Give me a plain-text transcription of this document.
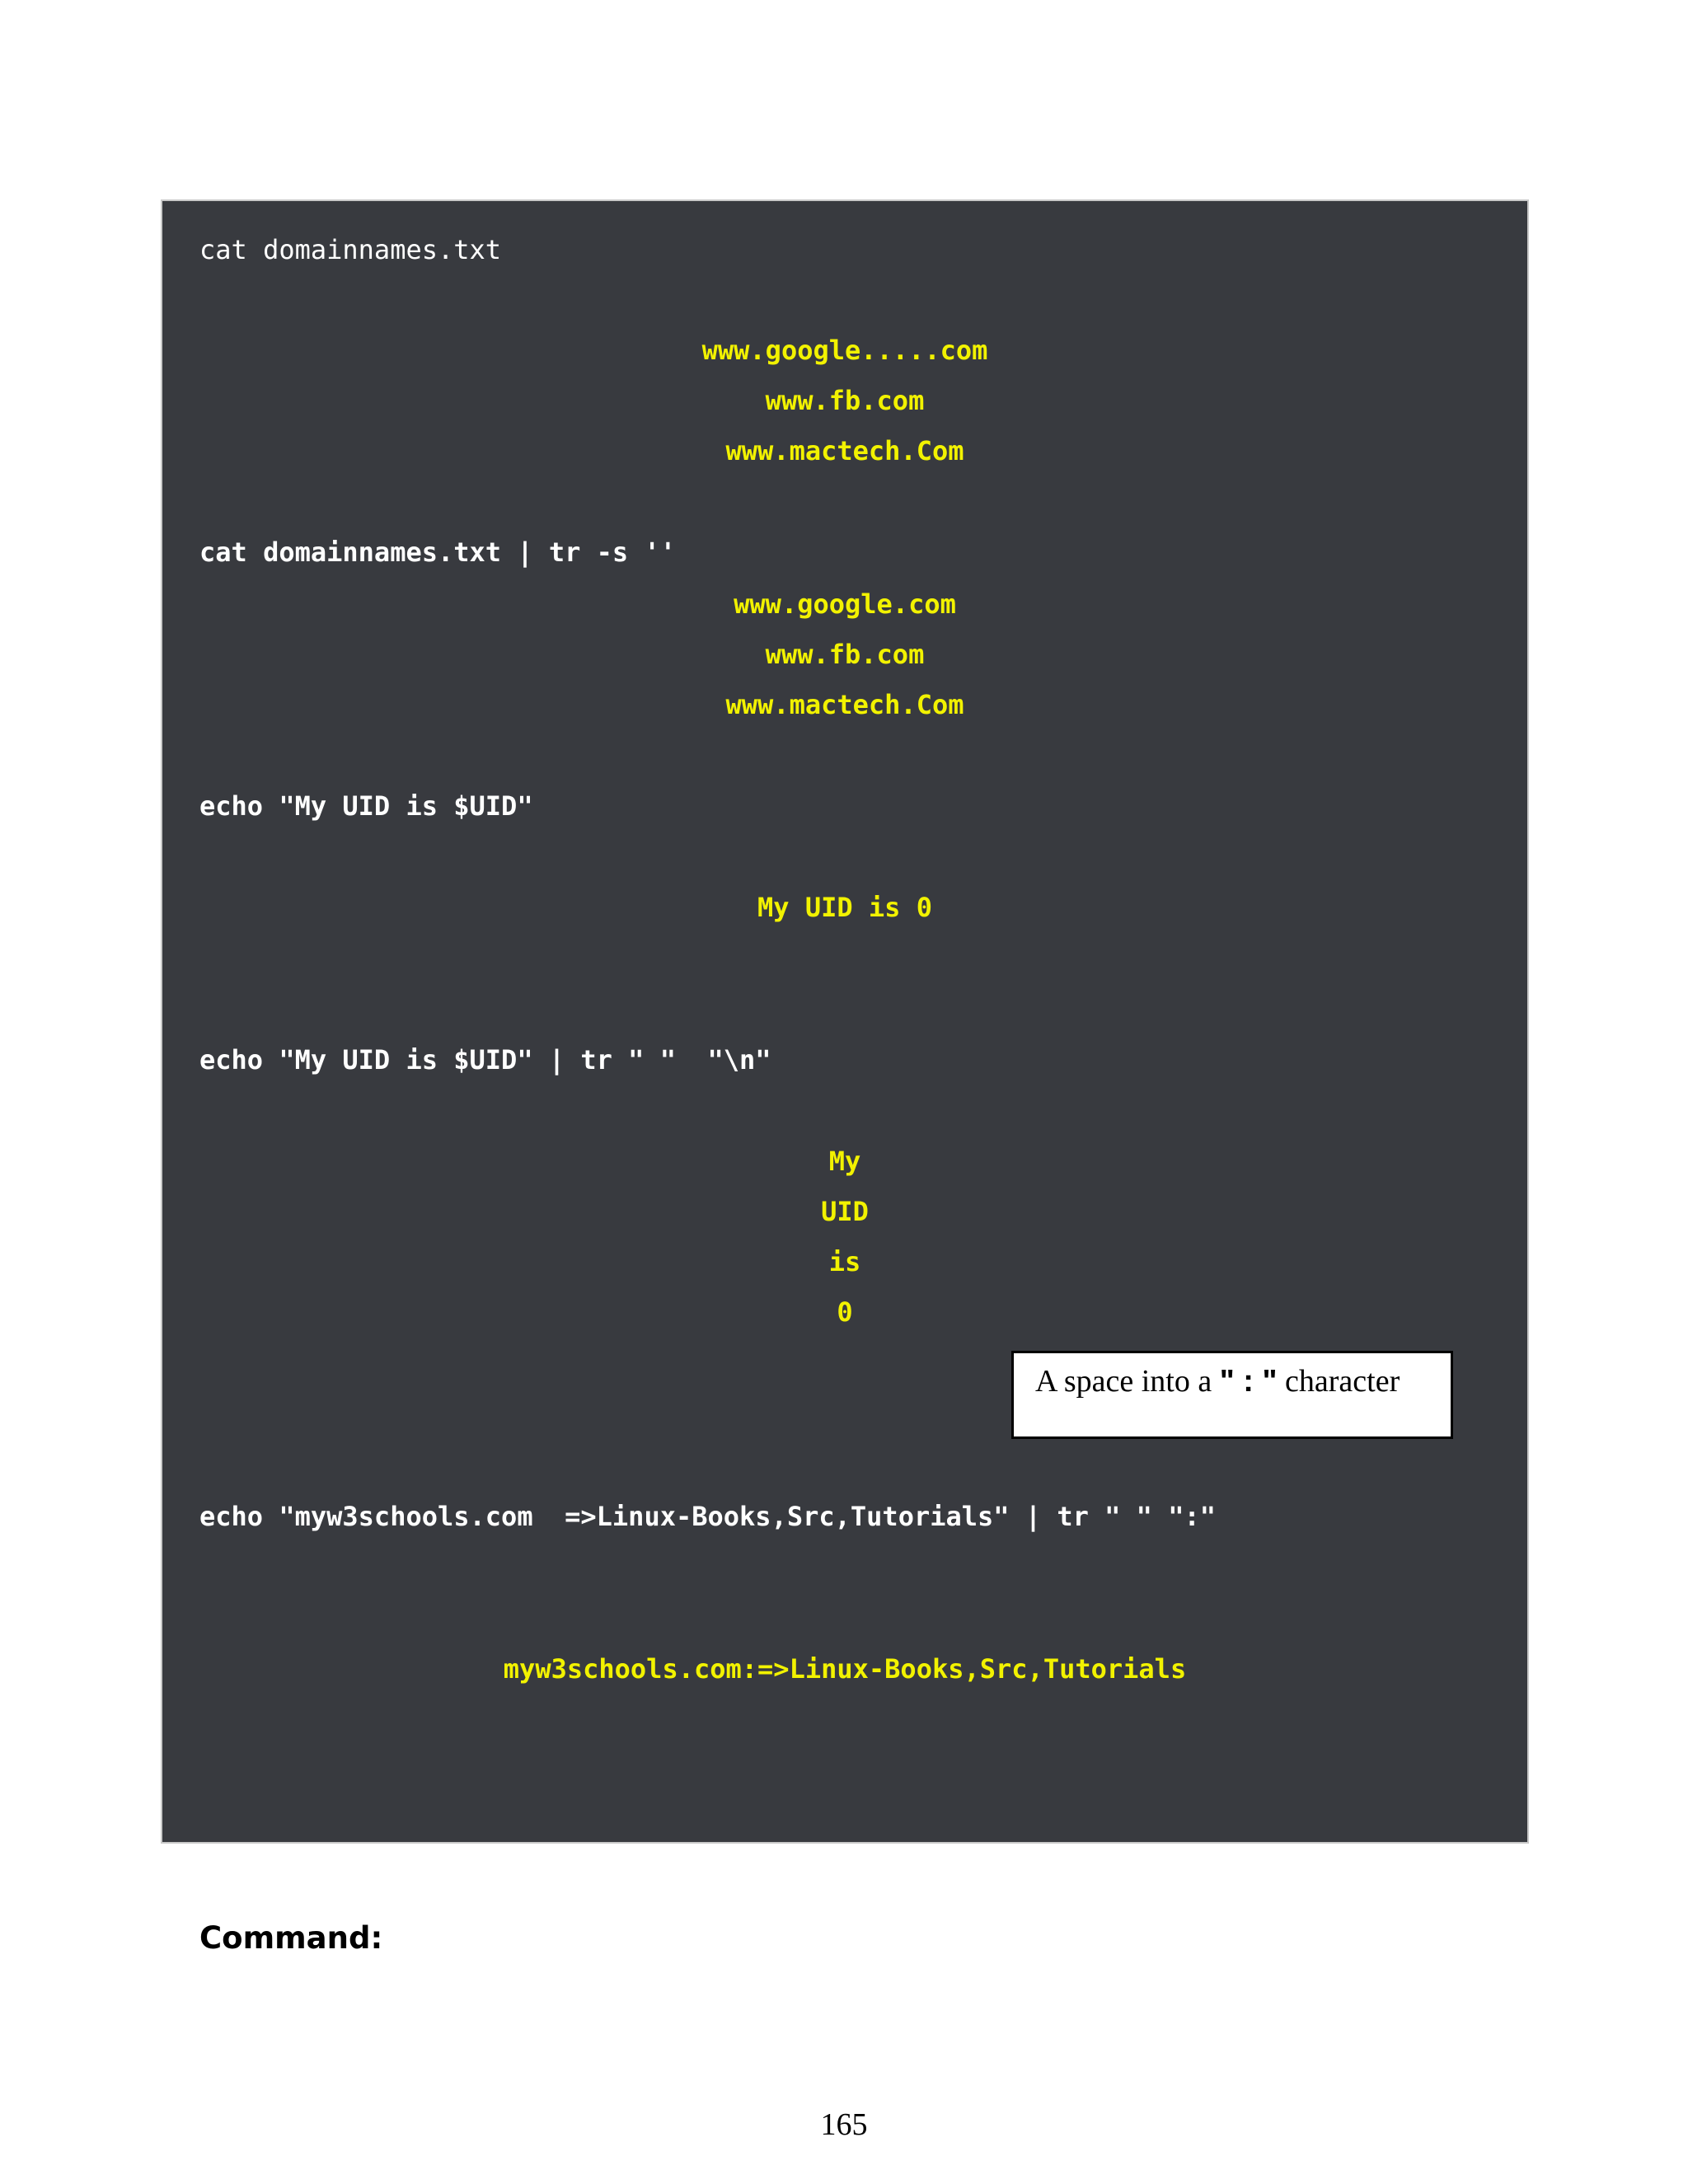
cat domainnames.txt
www.google.....com
www.fb.com
www.mactech.Com
cat domainnames.txt | tr -s ''
www.google.com
www.fb.com
www.mactech.Com
echo "My UID is $UID"
My UID is 0
echo "My UID is $UID" | tr " "  "\n"
My
UID
is
0
A space into a " : " character
echo "myw3schools.com  =>Linux-Books,Src,Tutorials" | tr " " ":"
myw3schools.com:=>Linux-Books,Src,Tutorials
Command:
165
